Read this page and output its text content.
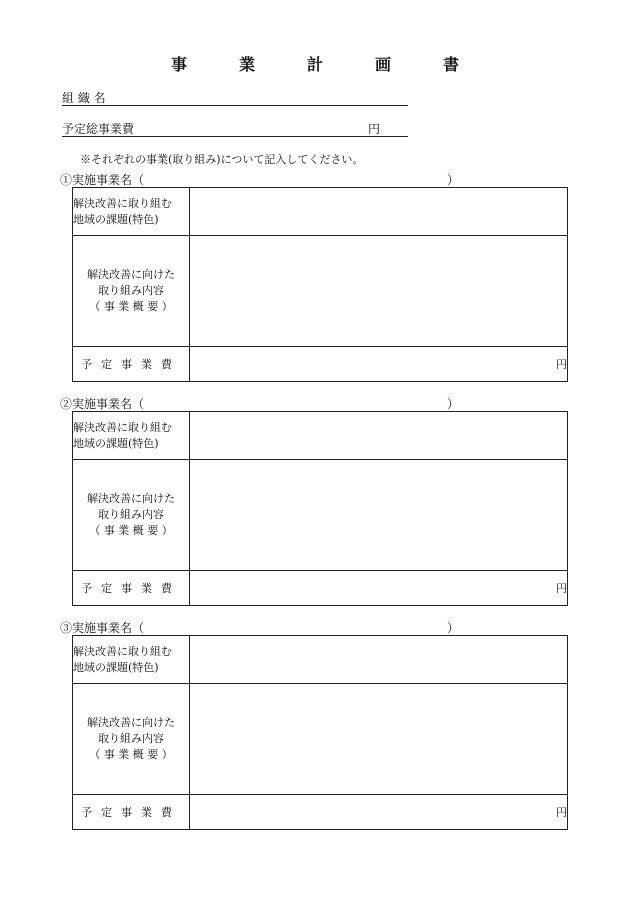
事	業	計	画	書
組 織 名
予定総事業費	円
※それぞれの事業(取り組み)について記入してください。
①実施事業名（	）
解決改善に取り組む
地域の課題(特色)	
解決改善に向けた
取り組み内容
（ 事 業 概 要 ）	
予定事業費	円
②実施事業名（	）
解決改善に取り組む
地域の課題(特色)	
解決改善に向けた
取り組み内容
（ 事 業 概 要 ）	
予定事業費	円
③実施事業名（	）
解決改善に取り組む
地域の課題(特色)	
解決改善に向けた
取り組み内容
（ 事 業 概 要 ）	
予定事業費	円
